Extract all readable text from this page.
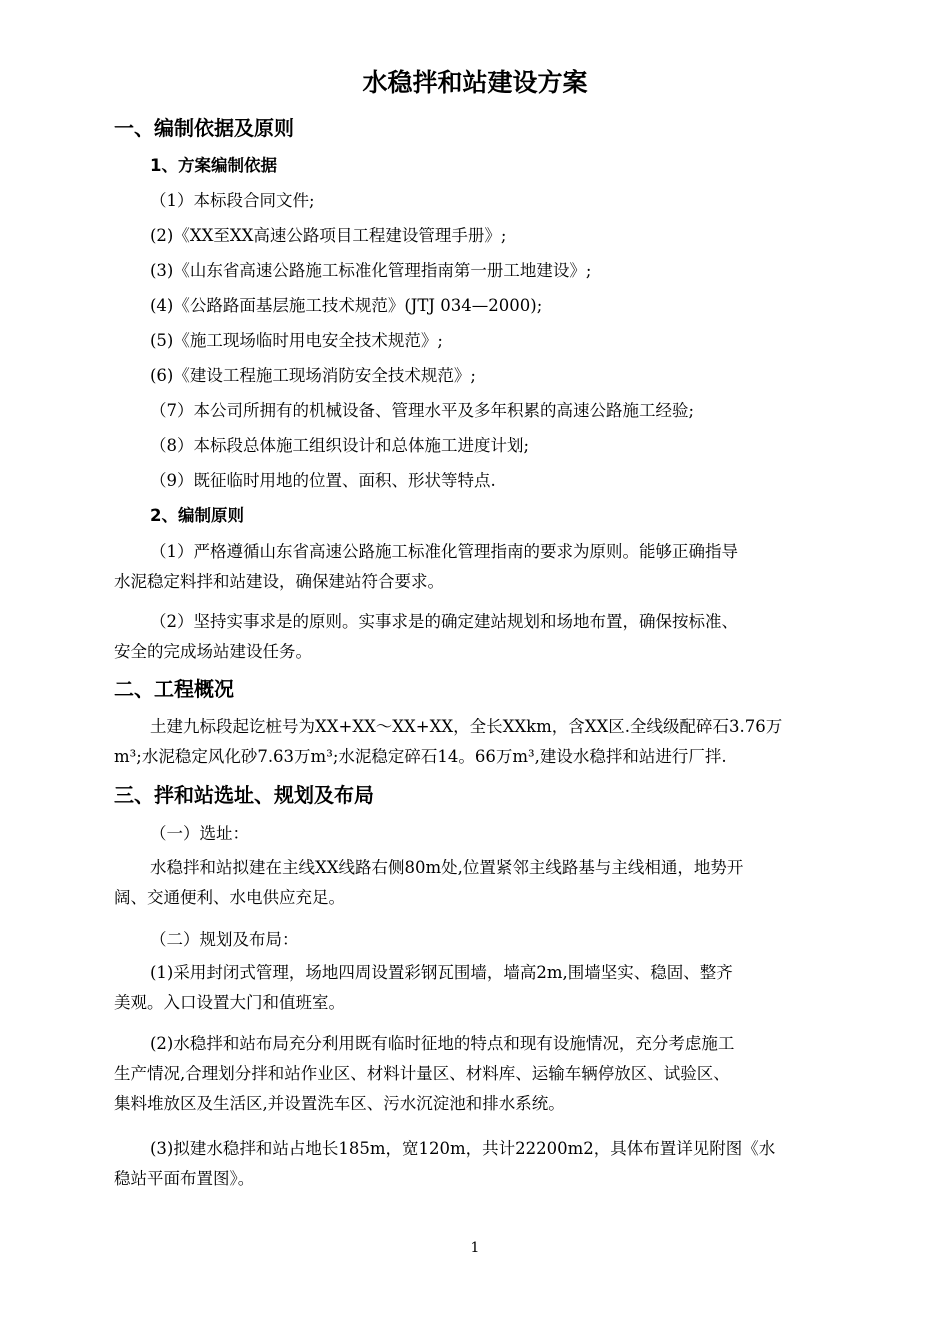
水稳拌和站建设方案
一、编制依据及原则
1、方案编制依据
（1）本标段合同文件;
(2)《XX至XX高速公路项目工程建设管理手册》;
(3)《山东省高速公路施工标准化管理指南第一册工地建设》;
(4)《公路路面基层施工技术规范》(JTJ 034—2000);
(5)《施工现场临时用电安全技术规范》;
(6)《建设工程施工现场消防安全技术规范》;
（7）本公司所拥有的机械设备、管理水平及多年积累的高速公路施工经验;
（8）本标段总体施工组织设计和总体施工进度计划;
（9）既征临时用地的位置、面积、形状等特点.
2、编制原则
（1）严格遵循山东省高速公路施工标准化管理指南的要求为原则。能够正确指导
水泥稳定料拌和站建设，确保建站符合要求。
（2）坚持实事求是的原则。实事求是的确定建站规划和场地布置，确保按标准、
安全的完成场站建设任务。
二、工程概况
土建九标段起讫桩号为XX+XX～XX+XX，全长XXkm，含XX区.全线级配碎石3.76万
m³;水泥稳定风化砂7.63万m³;水泥稳定碎石14。66万m³,建设水稳拌和站进行厂拌.
三、拌和站选址、规划及布局
（一）选址：
水稳拌和站拟建在主线XX线路右侧80m处,位置紧邻主线路基与主线相通，地势开
阔、交通便利、水电供应充足。
（二）规划及布局：
(1)采用封闭式管理，场地四周设置彩钢瓦围墙，墙高2m,围墙坚实、稳固、整齐
美观。入口设置大门和值班室。
(2)水稳拌和站布局充分利用既有临时征地的特点和现有设施情况，充分考虑施工
生产情况,合理划分拌和站作业区、材料计量区、材料库、运输车辆停放区、试验区、
集料堆放区及生活区,并设置洗车区、污水沉淀池和排水系统。
(3)拟建水稳拌和站占地长185m，宽120m，共计22200m2，具体布置详见附图《水
稳站平面布置图》。
1
